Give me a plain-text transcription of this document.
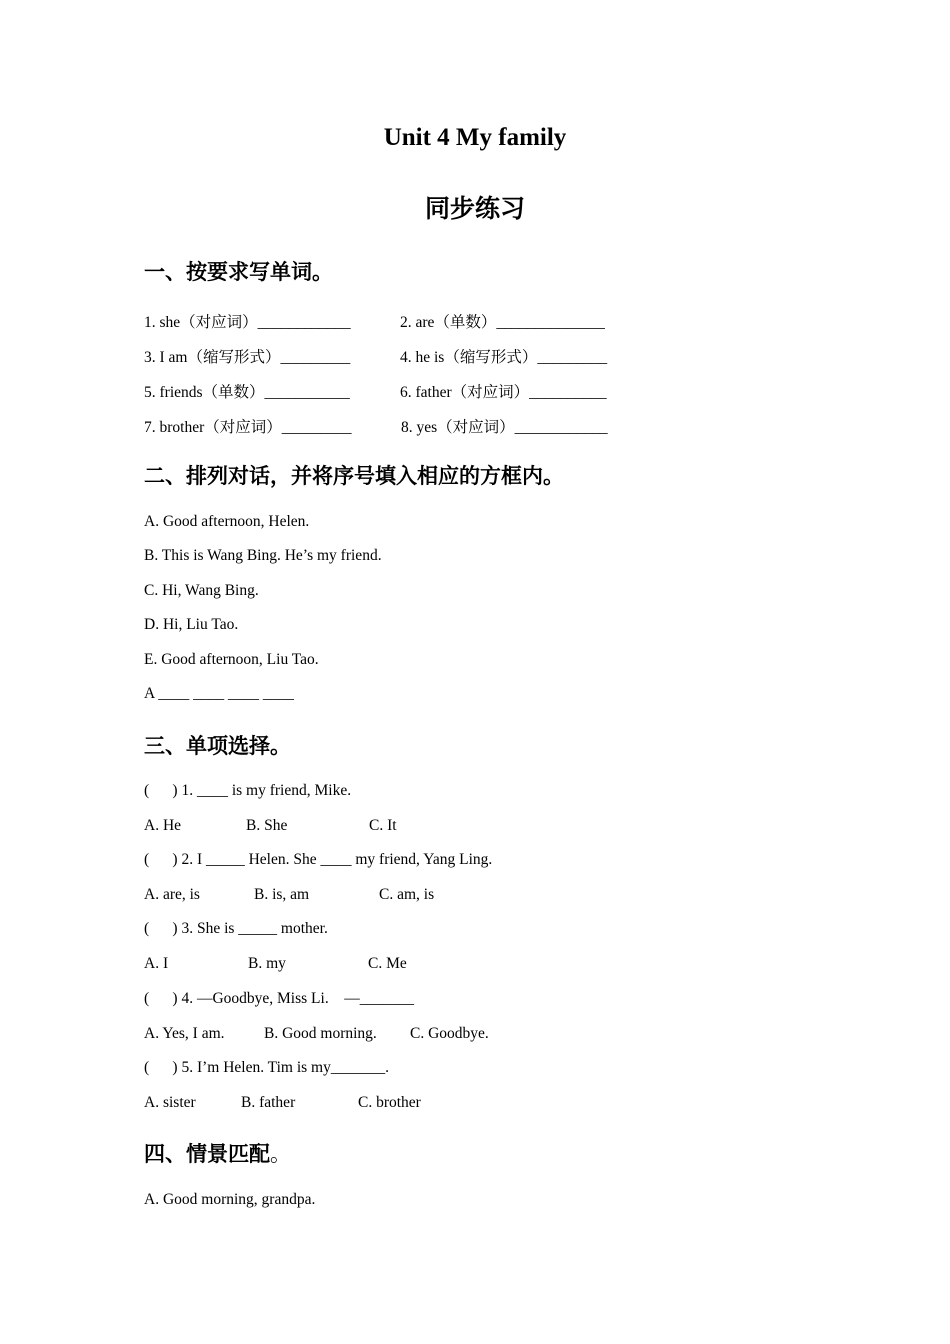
Unit 4 My family
同步练习
一、按要求写单词。
1. she（对应词）____________	2. are（单数）______________
3. I am（缩写形式）_________	4. he is（缩写形式）_________
5. friends（单数）___________	6. father（对应词）__________
7. brother（对应词）_________	8. yes（对应词）____________
二、排列对话，并将序号填入相应的方框内。
A. Good afternoon, Helen.
B. This is Wang Bing. He’s my friend.
C. Hi, Wang Bing.
D. Hi, Liu Tao.
E. Good afternoon, Liu Tao.
A ____ ____ ____ ____
三、单项选择。
(      ) 1. ____ is my friend, Mike.
A. He	B. She	C. It
(      ) 2. I _____ Helen. She ____ my friend, Yang Ling.
A. are, is	B. is, am	C. am, is
(      ) 3. She is _____ mother.
A. I	B. my	C. Me
(      ) 4. —Goodbye, Miss Li.    —_______
A. Yes, I am.	B. Good morning. C. Goodbye.
(      ) 5. I’m Helen. Tim is my_______.
A. sister	B. father	C. brother
四、情景匹配。
A. Good morning, grandpa.
